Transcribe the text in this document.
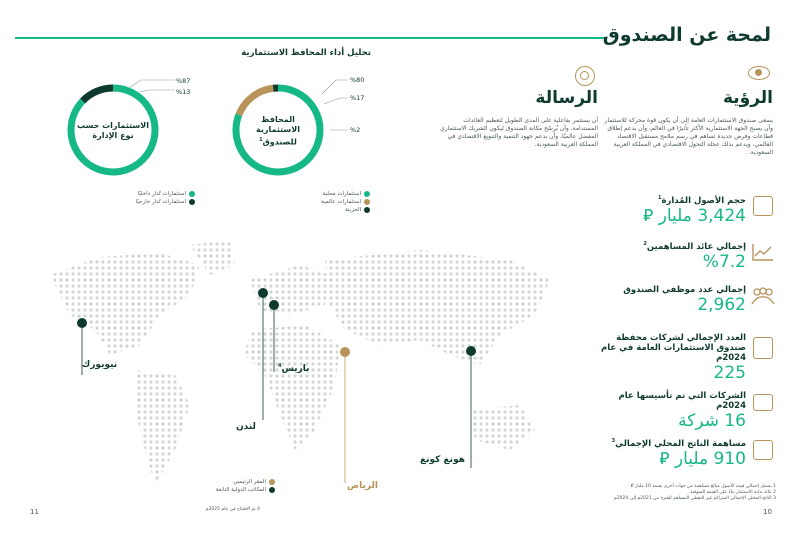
لمحة عن الصندوق
الرؤية
يسعى صندوق الاستثمارات العامة إلى أن يكون قوة محركة للاستثمار وأن يصبح الجهة الاستثمارية الأكثر تأثيرًا في العالم، وأن يدعم إطلاق قطاعات وفرص جديدة تساهم في رسم ملامح مستقبل الاقتصاد العالمي، ويدعم بذلك عجلة التحول الاقتصادي في المملكة العربية السعودية.
الرسالة
أن يستثمر بفاعلية على المدى الطويل لتعظيم العائدات المستدامة، وأن يُرسّخ مكانة الصندوق ليكون الشريك الاستثماري المفضل عالميًا، وأن يدعم جهود التنمية والتنويع الاقتصادي في المملكة العربية السعودية.
تحليل أداء المحافظ الاستثمارية
المحافظ الاستثمارية للصندوق$^1$
%80
%17
%2
استثمارات محلية
استثمارات عالمية
الخزينة
الاستثمارات حسب نوع الإدارة
%87
%13
استثمارات تُدار داخليًا
استثمارات تُدار خارجيًا	حجم الأصول المُدارة$^1$
3,424 مليار ⃁
إجمالي عائد المساهمين$^2$
%7.2
إجمالي عدد موظفي الصندوق
2,962
العدد الإجمالي لشركات محفظة صندوق الاستثمارات العامة في عام 2024م
225
الشركات التي تم تأسيسها عام 2024م
16 شركة
مساهمة الناتج المحلي الإجمالي$^3$
910 مليار ⃁
1 يشمل إجمالي قيمة الأصول مبالغ مساهمة من جهات أخرى بقيمة 10 مليار ⃁
2 عائد بداية الاستثمار بناءً على القيمة السوقية
3 الناتج المحلي الإجمالي المتراكم غير النفطي المساهم للفترة من 2021م إلى 2024م
نيويورك	باريس$^4$
لندن
الرياض
هونغ كونغ
المقر الرئيسي
المكاتب الدولية التابعة
4 تم الافتتاح في عام 2025م
11	10
